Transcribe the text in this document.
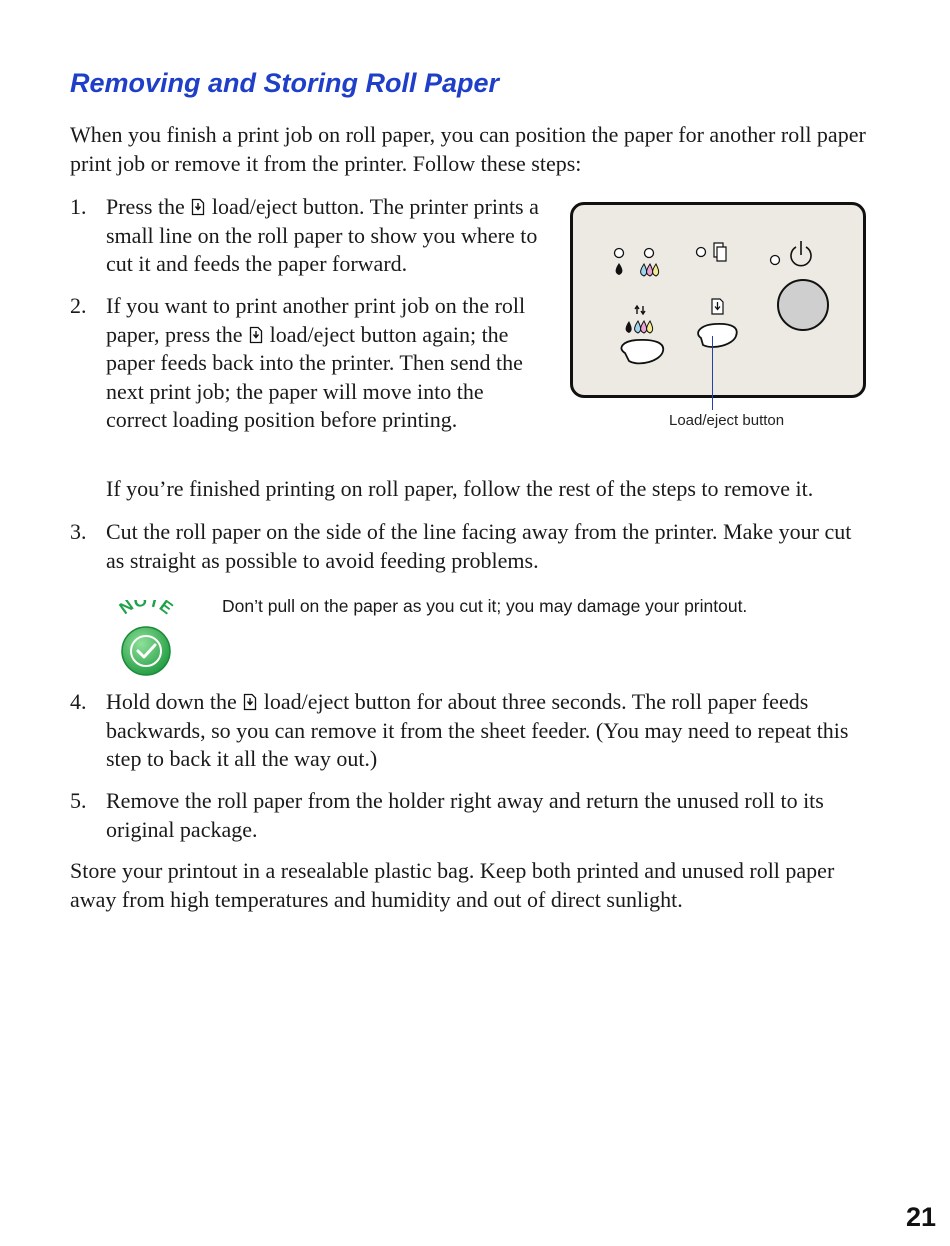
Removing and Storing Roll Paper

When you finish a print job on roll paper, you can position the paper for another roll paper print job or remove it from the printer. Follow these steps:

1. Press the
load/eject button. The printer prints a small line on the roll paper to show you where to cut it and feeds the paper forward.
2. If you want to print another print job on the roll paper, press the
load/eject button again; the paper feeds back into the printer. Then send the next print job; the paper will move into the correct loading position before printing.	Load/eject button

If you’re finished printing on roll paper, follow the rest of the steps to remove it.

3. Cut the roll paper on the side of the line facing away from the printer. Make your cut as straight as possible to avoid feeding problems.
NOTE	Don’t pull on the paper as you cut it; you may damage your printout.

4. Hold down the
load/eject button for about three seconds. The roll paper feeds backwards, so you can remove it from the sheet feeder. (You may need to repeat this step to back it all the way out.)
5. Remove the roll paper from the holder right away and return the unused roll to its original package.

Store your printout in a resealable plastic bag. Keep both printed and unused roll paper away from high temperatures and humidity and out of direct sunlight.

21
